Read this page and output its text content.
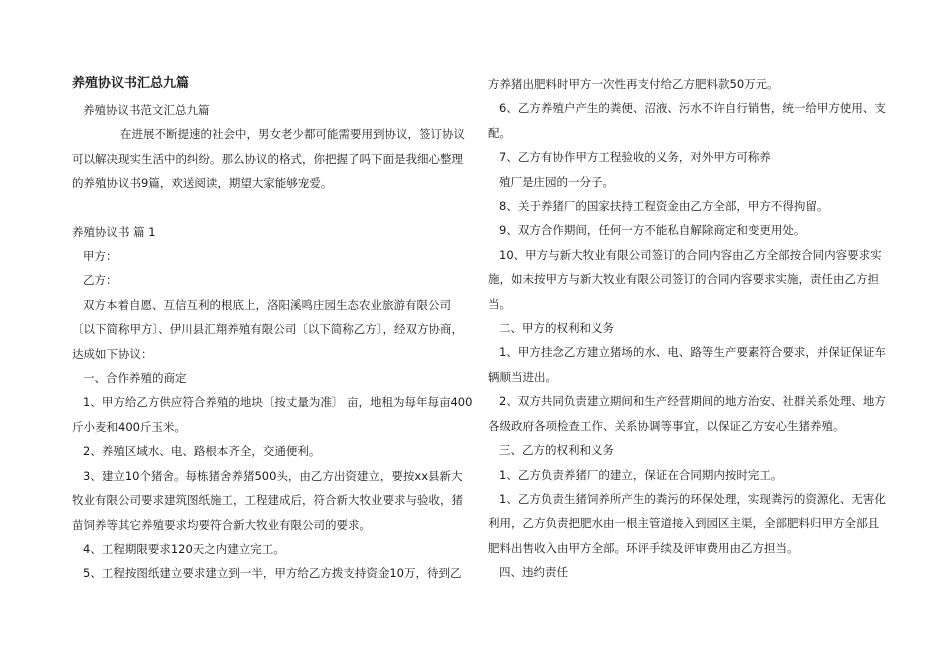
养殖协议书汇总九篇

养殖协议书范文汇总九篇

在进展不断提速的社会中，男女老少都可能需要用到协议，签订协议

可以解决现实生活中的纠纷。那么协议的格式，你把握了吗下面是我细心整理

的养殖协议书9篇，欢送阅读，期望大家能够宠爱。

养殖协议书 篇 1

甲方：

乙方：

双方本着自愿、互信互利的根底上，洛阳溪鸣庄园生态农业旅游有限公司

〔以下简称甲方〕、伊川县汇翔养殖有限公司〔以下简称乙方〕，经双方协商，

达成如下协议：

一、合作养殖的商定

1、甲方给乙方供应符合养殖的地块〔按丈量为准〕 亩，地租为每年每亩400

斤小麦和400斤玉米。

2、养殖区域水、电、路根本齐全，交通便利。

3、建立10个猪舍。每栋猪舍养猪500头，由乙方出资建立，要按xx县新大

牧业有限公司要求建筑图纸施工，工程建成后，符合新大牧业要求与验收，猪

苗饲养等其它养殖要求均要符合新大牧业有限公司的要求。

4、工程期限要求120天之内建立完工。

5、工程按图纸建立要求建立到一半，甲方给乙方拨支持资金10万，待到乙

方养猪出肥料时甲方一次性再支付给乙方肥料款50万元。

6、乙方养殖户产生的粪便、沼液、污水不许自行销售，统一给甲方使用、支

配。

7、乙方有协作甲方工程验收的义务，对外甲方可称养

殖厂是庄园的一分子。

8、关于养猪厂的国家扶持工程资金由乙方全部，甲方不得拘留。

9、双方合作期间，任何一方不能私自解除商定和变更用处。

10、甲方与新大牧业有限公司签订的合同内容由乙方全部按合同内容要求实

施，如未按甲方与新大牧业有限公司签订的合同内容要求实施，责任由乙方担

当。

二、甲方的权利和义务

1、甲方挂念乙方建立猪场的水、电、路等生产要素符合要求，并保证保证车

辆顺当进出。

2、双方共同负责建立期间和生产经营期间的地方治安、社群关系处理、地方

各级政府各项检查工作、关系协调等事宜，以保证乙方安心生猪养殖。

三、乙方的权利和义务

1、乙方负责养猪厂的建立，保证在合同期内按时完工。

1、乙方负责生猪饲养所产生的粪污的环保处理，实现粪污的资源化、无害化

利用，乙方负责把肥水由一根主管道接入到园区主渠，全部肥料归甲方全部且

肥料出售收入由甲方全部。环评手续及评审费用由乙方担当。

四、违约责任
